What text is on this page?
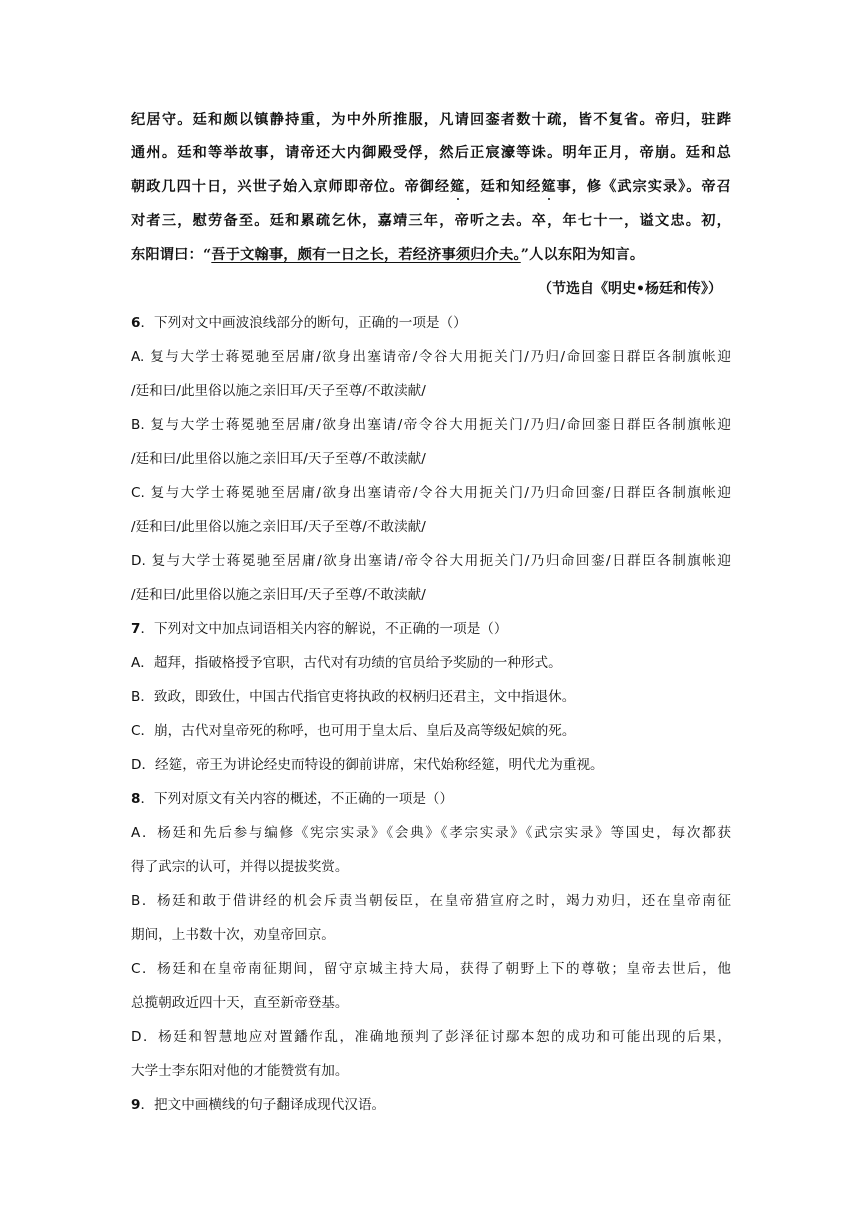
纪居守。廷和颇以镇静持重，为中外所推服，凡请回銮者数十疏，皆不复省。帝归，驻跸
通州。廷和等举故事，请帝还大内御殿受俘，然后正宸濠等诛。明年正月，帝崩。廷和总
朝政几四十日，兴世子始入京师即帝位。帝御经筵，廷和知经筵事，修《武宗实录》。帝召
对者三，慰劳备至。廷和累疏乞休，嘉靖三年，帝听之去。卒，年七十一，谥文忠。初，
东阳谓曰：“吾于文翰事，颇有一日之长，若经济事须归介夫。”人以东阳为知言。
（节选自《明史•杨廷和传》）
6．下列对文中画波浪线部分的断句，正确的一项是（）
A. 复与大学士蒋冕驰至居庸/欲身出塞请帝/令谷大用扼关门/乃归/命回銮日群臣各制旗帐迎
/廷和曰/此里俗以施之亲旧耳/天子至尊/不敢渎献/
B. 复与大学士蒋冕驰至居庸/欲身出塞请/帝令谷大用扼关门/乃归/命回銮日群臣各制旗帐迎
/廷和曰/此里俗以施之亲旧耳/天子至尊/不敢渎献/
C. 复与大学士蒋冕驰至居庸/欲身出塞请帝/令谷大用扼关门/乃归命回銮/日群臣各制旗帐迎
/廷和曰/此里俗以施之亲旧耳/天子至尊/不敢渎献/
D. 复与大学士蒋冕驰至居庸/欲身出塞请/帝令谷大用扼关门/乃归命回銮/日群臣各制旗帐迎
/廷和曰/此里俗以施之亲旧耳/天子至尊/不敢渎献/
7．下列对文中加点词语相关内容的解说，不正确的一项是（）
A．超拜，指破格授予官职，古代对有功绩的官员给予奖励的一种形式。
B．致政，即致仕，中国古代指官吏将执政的权柄归还君主，文中指退休。
C．崩，古代对皇帝死的称呼，也可用于皇太后、皇后及高等级妃嫔的死。
D．经筵，帝王为讲论经史而特设的御前讲席，宋代始称经筵，明代尤为重视。
8．下列对原文有关内容的概述，不正确的一项是（）
A．杨廷和先后参与编修《宪宗实录》《会典》《孝宗实录》《武宗实录》等国史，每次都获
得了武宗的认可，并得以提拔奖赏。
B．杨廷和敢于借讲经的机会斥责当朝佞臣，在皇帝猎宣府之时，竭力劝归，还在皇帝南征
期间，上书数十次，劝皇帝回京。
C．杨廷和在皇帝南征期间，留守京城主持大局，获得了朝野上下的尊敬；皇帝去世后，他
总揽朝政近四十天，直至新帝登基。
D．杨廷和智慧地应对置鐇作乱，准确地预判了彭泽征讨鄢本恕的成功和可能出现的后果，
大学士李东阳对他的才能赞赏有加。
9．把文中画横线的句子翻译成现代汉语。
